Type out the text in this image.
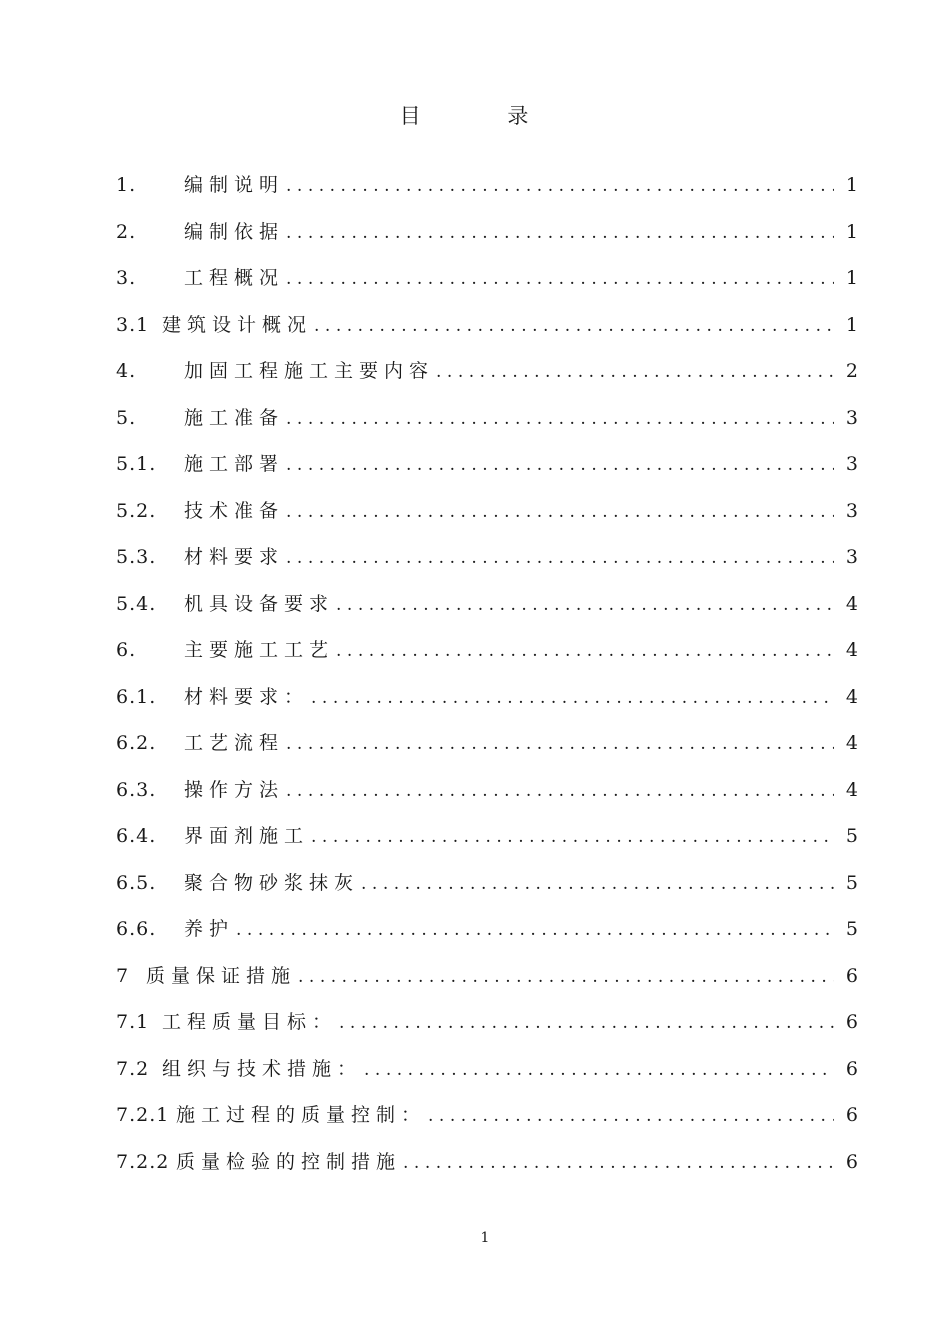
目 录
1.	编制说明 .....	1
2.	编制依据 .....	1
3.	工程概况 .....	1
3.1 建筑设计概况 .....	1
4.	加固工程施工主要内容 .....	2
5.	施工准备 .....	3
5.1.	施工部署 .....	3
5.2.	技术准备 .....	3
5.3.	材料要求 .....	3
5.4.	机具设备要求 .....	4
6.	主要施工工艺 .....	4
6.1.	材料要求： .....	4
6.2.	工艺流程 .....	4
6.3.	操作方法 .....	4
6.4.	界面剂施工 .....	5
6.5.	聚合物砂浆抹灰 .....	5
6.6.	养护 .....	5
7 质量保证措施 .....	6
7.1 工程质量目标： .....	6
7.2 组织与技术措施： .....	6
7.2.1 施工过程的质量控制： .....	6
7.2.2 质量检验的控制措施 .....	6
1
